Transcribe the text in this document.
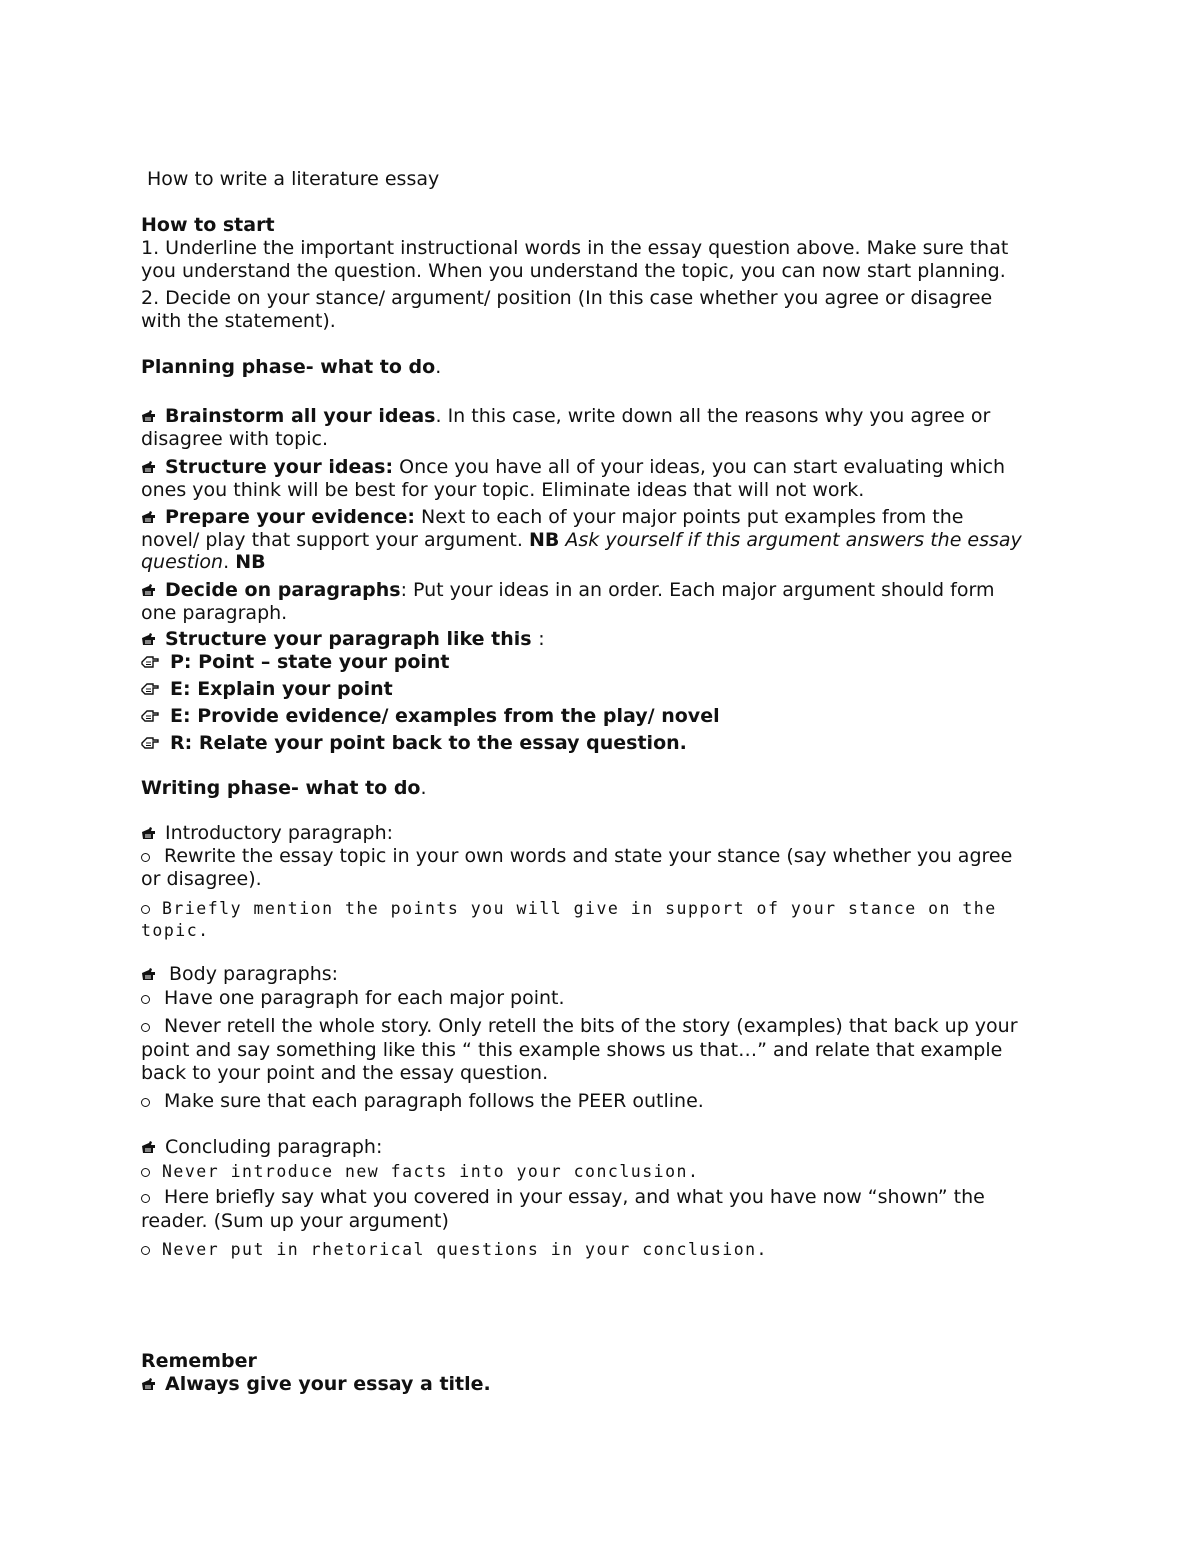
How to write a literature essay

How to start

1. Underline the important instructional words in the essay question above. Make sure that

you understand the question. When you understand the topic, you can now start planning.

2. Decide on your stance/ argument/ position (In this case whether you agree or disagree

with the statement).

Planning phase- what to do.

Brainstorm all your ideas. In this case, write down all the reasons why you agree or

disagree with topic.

Structure your ideas: Once you have all of your ideas, you can start evaluating which

ones you think will be best for your topic. Eliminate ideas that will not work.

Prepare your evidence: Next to each of your major points put examples from the

novel/ play that support your argument. NB Ask yourself if this argument answers the essay

question. NB

Decide on paragraphs: Put your ideas in an order. Each major argument should form

one paragraph.

Structure your paragraph like this :

P: Point – state your point

E: Explain your point

E: Provide evidence/ examples from the play/ novel

R: Relate your point back to the essay question.

Writing phase- what to do.

Introductory paragraph:

Rewrite the essay topic in your own words and state your stance (say whether you agree

or disagree).

Briefly mention the points you will give in support of your stance on the

topic.

Body paragraphs:

Have one paragraph for each major point.

Never retell the whole story. Only retell the bits of the story (examples) that back up your

point and say something like this “ this example shows us that…” and relate that example

back to your point and the essay question.

Make sure that each paragraph follows the PEER outline.

Concluding paragraph:

Never introduce new facts into your conclusion.

Here briefly say what you covered in your essay, and what you have now “shown” the

reader. (Sum up your argument)

Never put in rhetorical questions in your conclusion.

Remember

Always give your essay a title.
